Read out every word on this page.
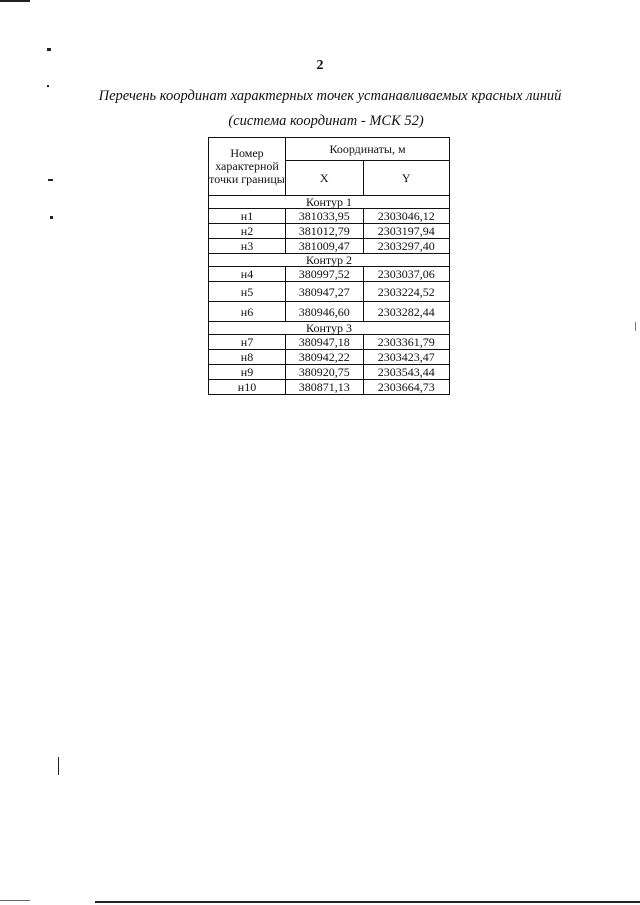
2
Перечень координат характерных точек устанавливаемых красных линий
(система координат - МСК 52)
Номер характерной точки границы	Координаты, м	
	X	Y
Контур 1		
н1	381033,95	2303046,12
н2	381012,79	2303197,94
н3	381009,47	2303297,40
Контур 2		
н4	380997,52	2303037,06
н5	380947,27	2303224,52
н6	380946,60	2303282,44
Контур 3		
н7	380947,18	2303361,79
н8	380942,22	2303423,47
н9	380920,75	2303543,44
н10	380871,13	2303664,73
